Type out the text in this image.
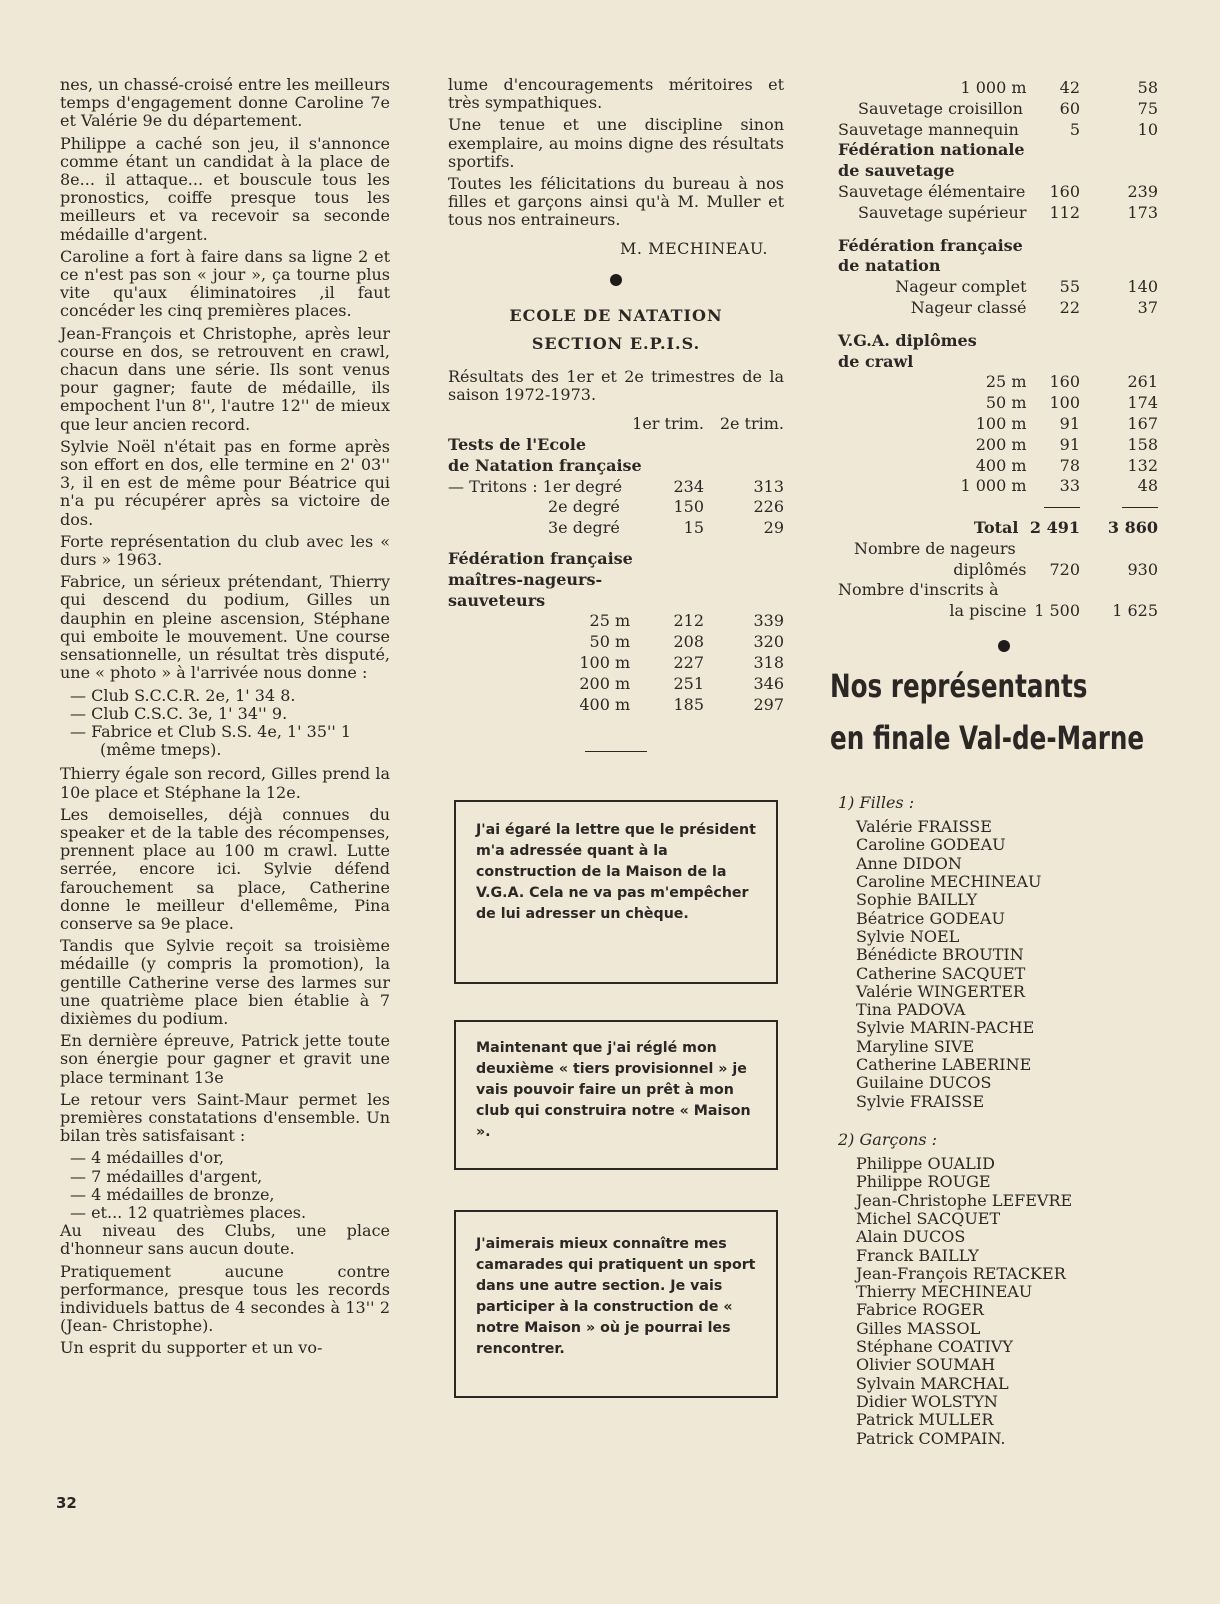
nes, un chassé-croisé entre les meilleurs temps d'engagement donne Caroline 7e et Valérie 9e du département.

Philippe a caché son jeu, il s'annonce comme étant un candidat à la place de 8e... il attaque... et bouscule tous les pronostics, coiffe presque tous les meilleurs et va recevoir sa seconde médaille d'argent.

Caroline a fort à faire dans sa ligne 2 et ce n'est pas son « jour », ça tourne plus vite qu'aux éliminatoires ,il faut concéder les cinq premières places.

Jean-François et Christophe, après leur course en dos, se retrouvent en crawl, chacun dans une série. Ils sont venus pour gagner; faute de médaille, ils empochent l'un 8'', l'autre 12'' de mieux que leur ancien record.

Sylvie Noël n'était pas en forme après son effort en dos, elle termine en 2' 03'' 3, il en est de même pour Béatrice qui n'a pu récupérer après sa victoire de dos.

Forte représentation du club avec les « durs » 1963.

Fabrice, un sérieux prétendant, Thierry qui descend du podium, Gilles un dauphin en pleine ascension, Stéphane qui emboite le mouvement. Une course sensationnelle, un résultat très disputé, une « photo » à l'arrivée nous donne :

— Club S.C.C.R. 2e, 1' 34 8.
— Club C.S.C. 3e, 1' 34'' 9.
— Fabrice et Club S.S. 4e, 1' 35'' 1
(même tmeps).

Thierry égale son record, Gilles prend la 10e place et Stéphane la 12e.

Les demoiselles, déjà connues du speaker et de la table des récompenses, prennent place au 100 m crawl. Lutte serrée, encore ici. Sylvie défend farouchement sa place, Catherine donne le meilleur d'ellemême, Pina conserve sa 9e place.

Tandis que Sylvie reçoit sa troisième médaille (y compris la promotion), la gentille Catherine verse des larmes sur une quatrième place bien établie à 7 dixièmes du podium.

En dernière épreuve, Patrick jette toute son énergie pour gagner et gravit une place terminant 13e

Le retour vers Saint-Maur permet les premières constatations d'ensemble. Un bilan très satisfaisant :

— 4 médailles d'or,
— 7 médailles d'argent,
— 4 médailles de bronze,
— et... 12 quatrièmes places.

Au niveau des Clubs, une place d'honneur sans aucun doute.

Pratiquement aucune contre performance, presque tous les records individuels battus de 4 secondes à 13'' 2 (Jean- Christophe).

Un esprit du supporter et un vo-

lume d'encouragements méritoires et très sympathiques.

Une tenue et une discipline sinon exemplaire, au moins digne des résultats sportifs.

Toutes les félicitations du bureau à nos filles et garçons ainsi qu'à M. Muller et tous nos entraineurs.

M. MECHINEAU.
ECOLE DE NATATION
SECTION E.P.I.S.

Résultats des 1er et 2e trimestres de la saison 1972-1973.

	1er trim.	2e trim.
Tests de l'Ecole		
de Natation française		
— Tritons : 1er degré	234	313
2e degré	150	226
3e degré	15	29

Fédération française		
maîtres-nageurs-		
sauveteurs		
25 m	212	339
50 m	208	320
100 m	227	318
200 m	251	346
400 m	185	297
J'ai égaré la lettre que le président m'a adressée quant à la construction de la Maison de la V.G.A. Cela ne va pas m'empêcher de lui adresser un chèque.
Maintenant que j'ai réglé mon deuxième « tiers provisionnel » je vais pouvoir faire un prêt à mon club qui construira notre « Maison ».
J'aimerais mieux connaître mes camarades qui pratiquent un sport dans une autre section. Je vais participer à la construction de « notre Maison » où je pourrai les rencontrer.
1 000 m	42	58
Sauvetage croisillon	60	75
Sauvetage mannequin	5	10
Fédération nationale		
de sauvetage		
Sauvetage élémentaire	160	239
Sauvetage supérieur	112	173

Fédération française		
de natation		
Nageur complet	55	140
Nageur classé	22	37

V.G.A. diplômes		
de crawl		
25 m	160	261
50 m	100	174
100 m	91	167
200 m	91	158
400 m	78	132
1 000 m	33	48

Total	2 491	3 860
Nombre de nageurs		
diplômés	720	930
Nombre d'inscrits à		
la piscine	1 500	1 625
Nos représentants
en finale Val-de-Marne
1) Filles :
Valérie FRAISSE
Caroline GODEAU
Anne DIDON
Caroline MECHINEAU
Sophie BAILLY
Béatrice GODEAU
Sylvie NOEL
Bénédicte BROUTIN
Catherine SACQUET
Valérie WINGERTER
Tina PADOVA
Sylvie MARIN-PACHE
Maryline SIVE
Catherine LABERINE
Guilaine DUCOS
Sylvie FRAISSE
2) Garçons :
Philippe OUALID
Philippe ROUGE
Jean-Christophe LEFEVRE
Michel SACQUET
Alain DUCOS
Franck BAILLY
Jean-François RETACKER
Thierry MECHINEAU
Fabrice ROGER
Gilles MASSOL
Stéphane COATIVY
Olivier SOUMAH
Sylvain MARCHAL
Didier WOLSTYN
Patrick MULLER
Patrick COMPAIN.
32
